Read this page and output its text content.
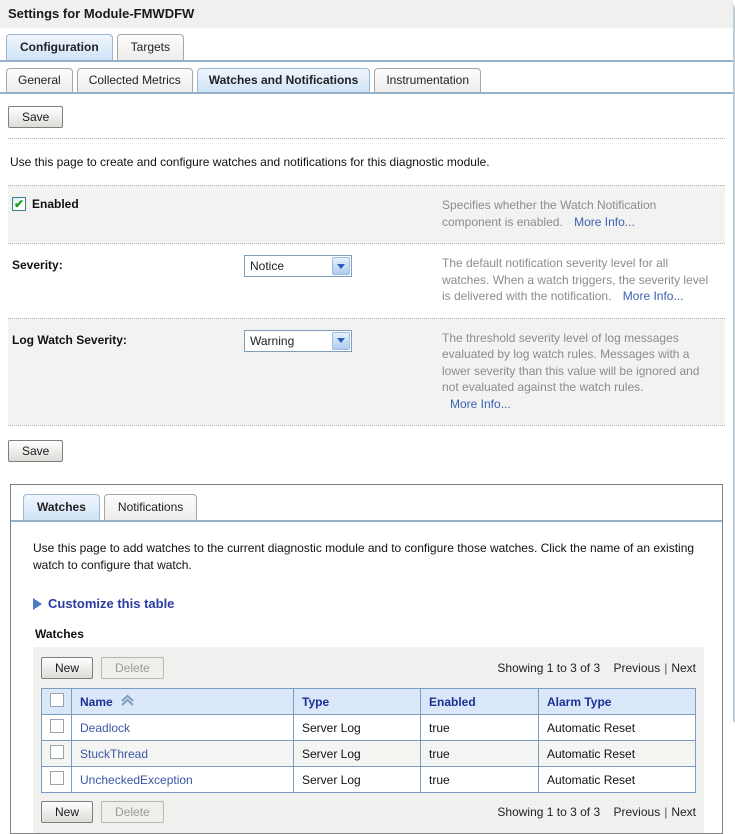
Settings for Module-FMWDFW
Configuration	Targets
General	Collected Metrics	Watches and Notifications	Instrumentation
Save

Use this page to create and configure watches and notifications for this diagnostic module.

✔
Enabled	Specifies whether the Watch Notification component is enabled. More Info...
Severity:	Notice	The default notification severity level for all watches. When a watch triggers, the severity level is delivered with the notification. More Info...
Log Watch Severity:	Warning	The threshold severity level of log messages evaluated by log watch rules. Messages with a lower severity than this value will be ignored and not evaluated against the watch rules. More Info...
Save
Watches	Notifications

Use this page to add watches to the current diagnostic module and to configure those watches. Click the name of an existing watch to configure that watch.

Customize this table
Watches
New	Delete	Showing 1 to 3 of 3 Previous | Next

	Name	Type	Enabled	Alarm Type
	Deadlock	Server Log	true	Automatic Reset
	StuckThread	Server Log	true	Automatic Reset
	UncheckedException	Server Log	true	Automatic Reset
New	Delete	Showing 1 to 3 of 3 Previous | Next
